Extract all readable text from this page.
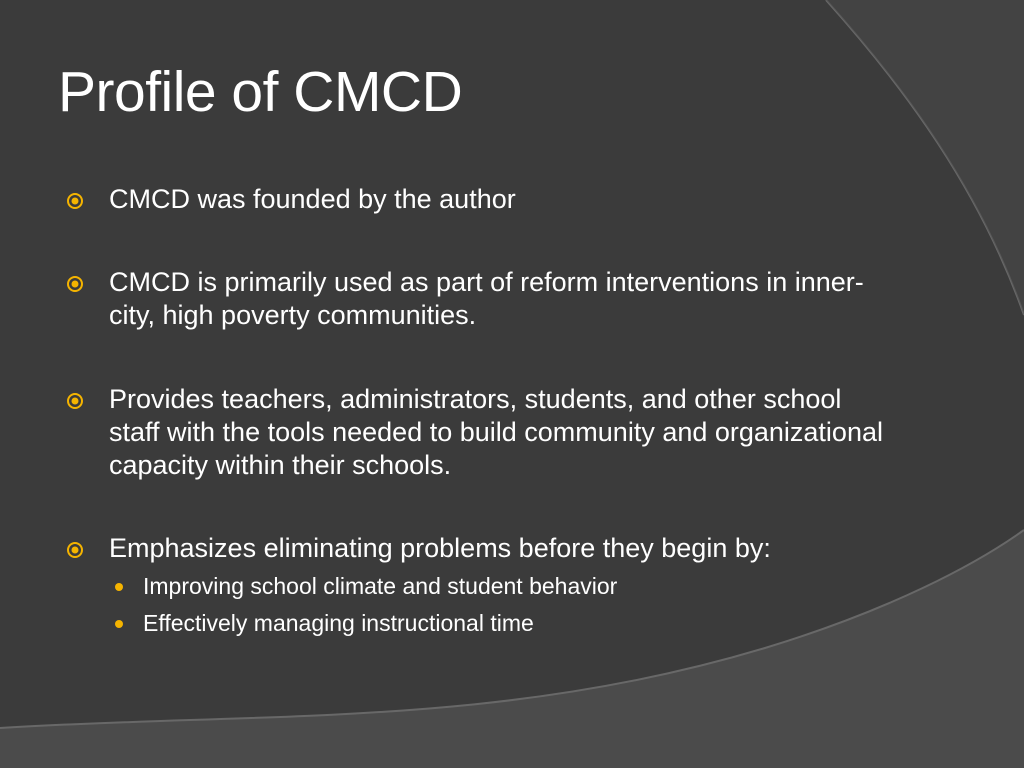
Profile of CMCD
CMCD was founded by the author
CMCD is primarily used as part of reform interventions in inner-city, high poverty communities.
Provides teachers, administrators, students, and other school staff with the tools needed to build community and organizational capacity within their schools.
Emphasizes eliminating problems before they begin by:
Improving school climate and student behavior
Effectively managing instructional time
